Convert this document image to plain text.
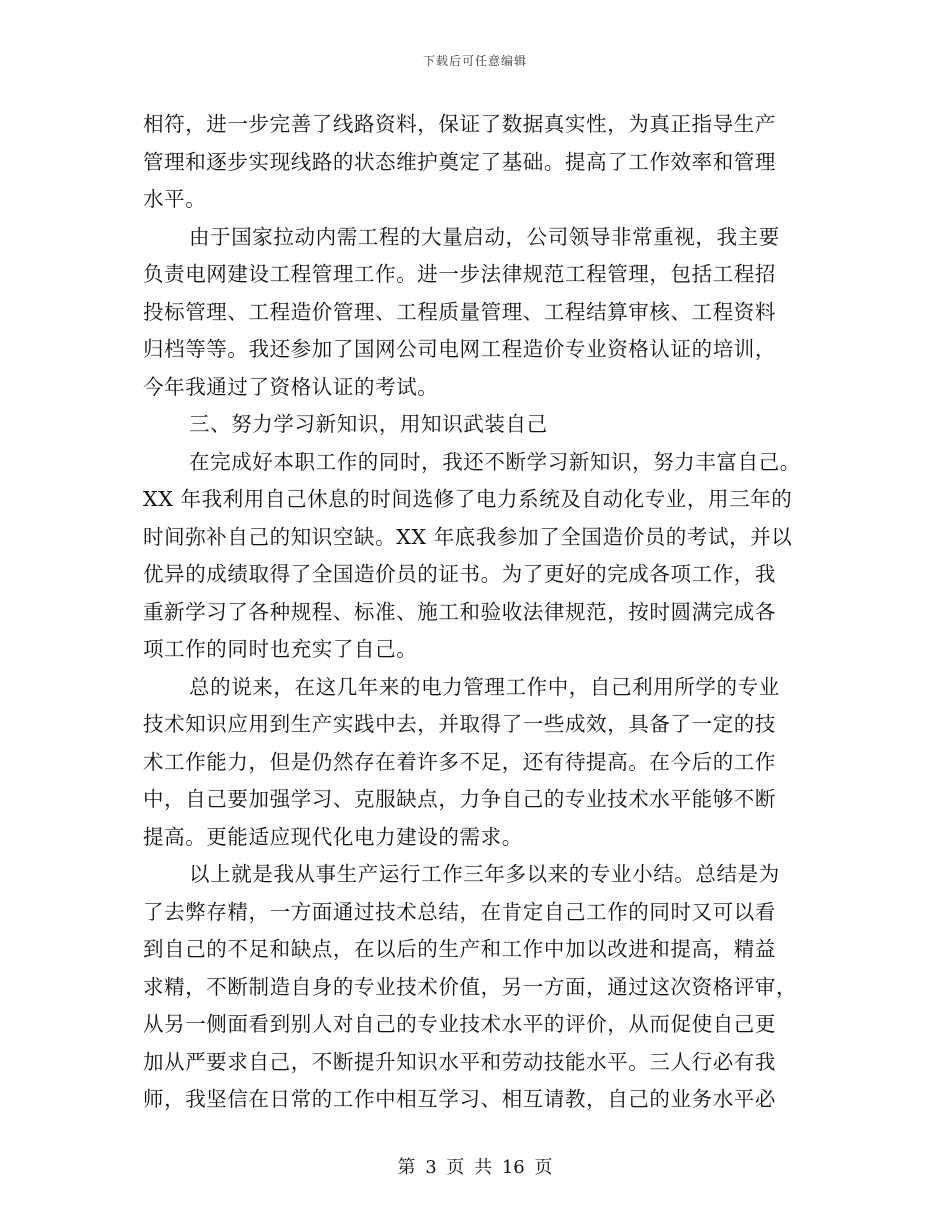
下载后可任意编辑
相符，进一步完善了线路资料，保证了数据真实性，为真正指导生产
管理和逐步实现线路的状态维护奠定了基础。提高了工作效率和管理
水平。
由于国家拉动内需工程的大量启动，公司领导非常重视，我主要
负责电网建设工程管理工作。进一步法律规范工程管理，包括工程招
投标管理、工程造价管理、工程质量管理、工程结算审核、工程资料
归档等等。我还参加了国网公司电网工程造价专业资格认证的培训，
今年我通过了资格认证的考试。
三、努力学习新知识，用知识武装自己
在完成好本职工作的同时，我还不断学习新知识，努力丰富自己。
XX 年我利用自己休息的时间选修了电力系统及自动化专业，用三年的
时间弥补自己的知识空缺。XX 年底我参加了全国造价员的考试，并以
优异的成绩取得了全国造价员的证书。为了更好的完成各项工作，我
重新学习了各种规程、标准、施工和验收法律规范，按时圆满完成各
项工作的同时也充实了自己。
总的说来，在这几年来的电力管理工作中，自己利用所学的专业
技术知识应用到生产实践中去，并取得了一些成效，具备了一定的技
术工作能力，但是仍然存在着许多不足，还有待提高。在今后的工作
中，自己要加强学习、克服缺点，力争自己的专业技术水平能够不断
提高。更能适应现代化电力建设的需求。
以上就是我从事生产运行工作三年多以来的专业小结。总结是为
了去弊存精，一方面通过技术总结，在肯定自己工作的同时又可以看
到自己的不足和缺点，在以后的生产和工作中加以改进和提高，精益
求精，不断制造自身的专业技术价值，另一方面，通过这次资格评审，
从另一侧面看到别人对自己的专业技术水平的评价，从而促使自己更
加从严要求自己，不断提升知识水平和劳动技能水平。三人行必有我
师，我坚信在日常的工作中相互学习、相互请教，自己的业务水平必
第 3 页 共 16 页
